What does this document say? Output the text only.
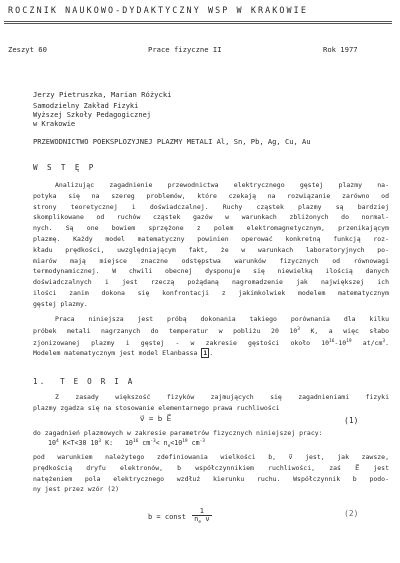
ROCZNIK NAUKOWO-DYDAKTYCZNY WSP W KRAKOWIE
Zeszyt 60	Prace fizyczne II	Rok 1977
Jerzy Pietruszka, Marian Różycki
Samodzielny Zakład Fizyki
Wyższej Szkoły Pedagogicznej
w Krakowie
PRZEWODNICTWO POEKSPLOZYJNEJ PLAZMY METALI Al, Sn, Pb, Ag, Cu, Au
W S T Ę P
Analizując zagadnienie przewodnictwa elektrycznego gęstej plazmy na-
potyka się na szereg problemów, które czekają na rozwiązanie zarówno od
strony teoretycznej i doświadczalnej. Ruchy cząstek plazmy są bardziej
skomplikowane od ruchów cząstek gazów w warunkach zbliżonych do normal-
nych. Są one bowiem sprzężone z polem elektromagnetycznym, przenikającym
plazmę. Każdy model matematyczny powinien operować konkretną funkcją roz-
kładu prędkości, uwzględniającym fakt, że w warunkach laboratoryjnych po-
miarów mają miejsce znaczne odstępstwa warunków fizycznych od równowagi
termodynamicznej. W chwili obecnej dysponuje się niewielką ilością danych
doświadczalnych i jest rzeczą pożądaną nagromadzenie jak największej ich
ilości zanim dokona się konfrontacji z jakimkolwiek modelem matematycznym
gęstej plazmy.
Praca niniejsza jest próbą dokonania takiego porównania dla kilku
próbek metali nagrzanych do temperatur w pobliżu 20 $10^3$ K, a więc słabo
zjonizowanej plazmy i gęstej - w zakresie gęstości około $10^{16}-10^{19}$ $at/cm^3$.
Modelem matematycznym jest model Elanbassa 1 .
1.  T E O R I A
Z zasady większość fizyków zajmujących się zagadnieniami fizyki
plazmy zgadza się na stosowanie elementarnego prawa ruchliwości
v⃗ = b E⃗	(1)
do zagadnień plazmowych w zakresie parametrów fizycznych niniejszej pracy:
$10^4$ K<T<30 $10^3$ K:   $10^{16}$ $cm^{-3}< n_e<10^{19}$ $cm^{-3}$
pod warunkiem należytego zdefiniowania wielkości b, v⃗ jest, jak zawsze,
prędkością dryfu elektronów, b współczynnikiem ruchliwości, zaś E⃗ jest
natężeniem pola elektrycznego wzdłuż kierunku ruchu. Współczynnik b podo-
ny jest przez wzór (2)
b = const $\frac{1}{n_e \nu}$	(2)
